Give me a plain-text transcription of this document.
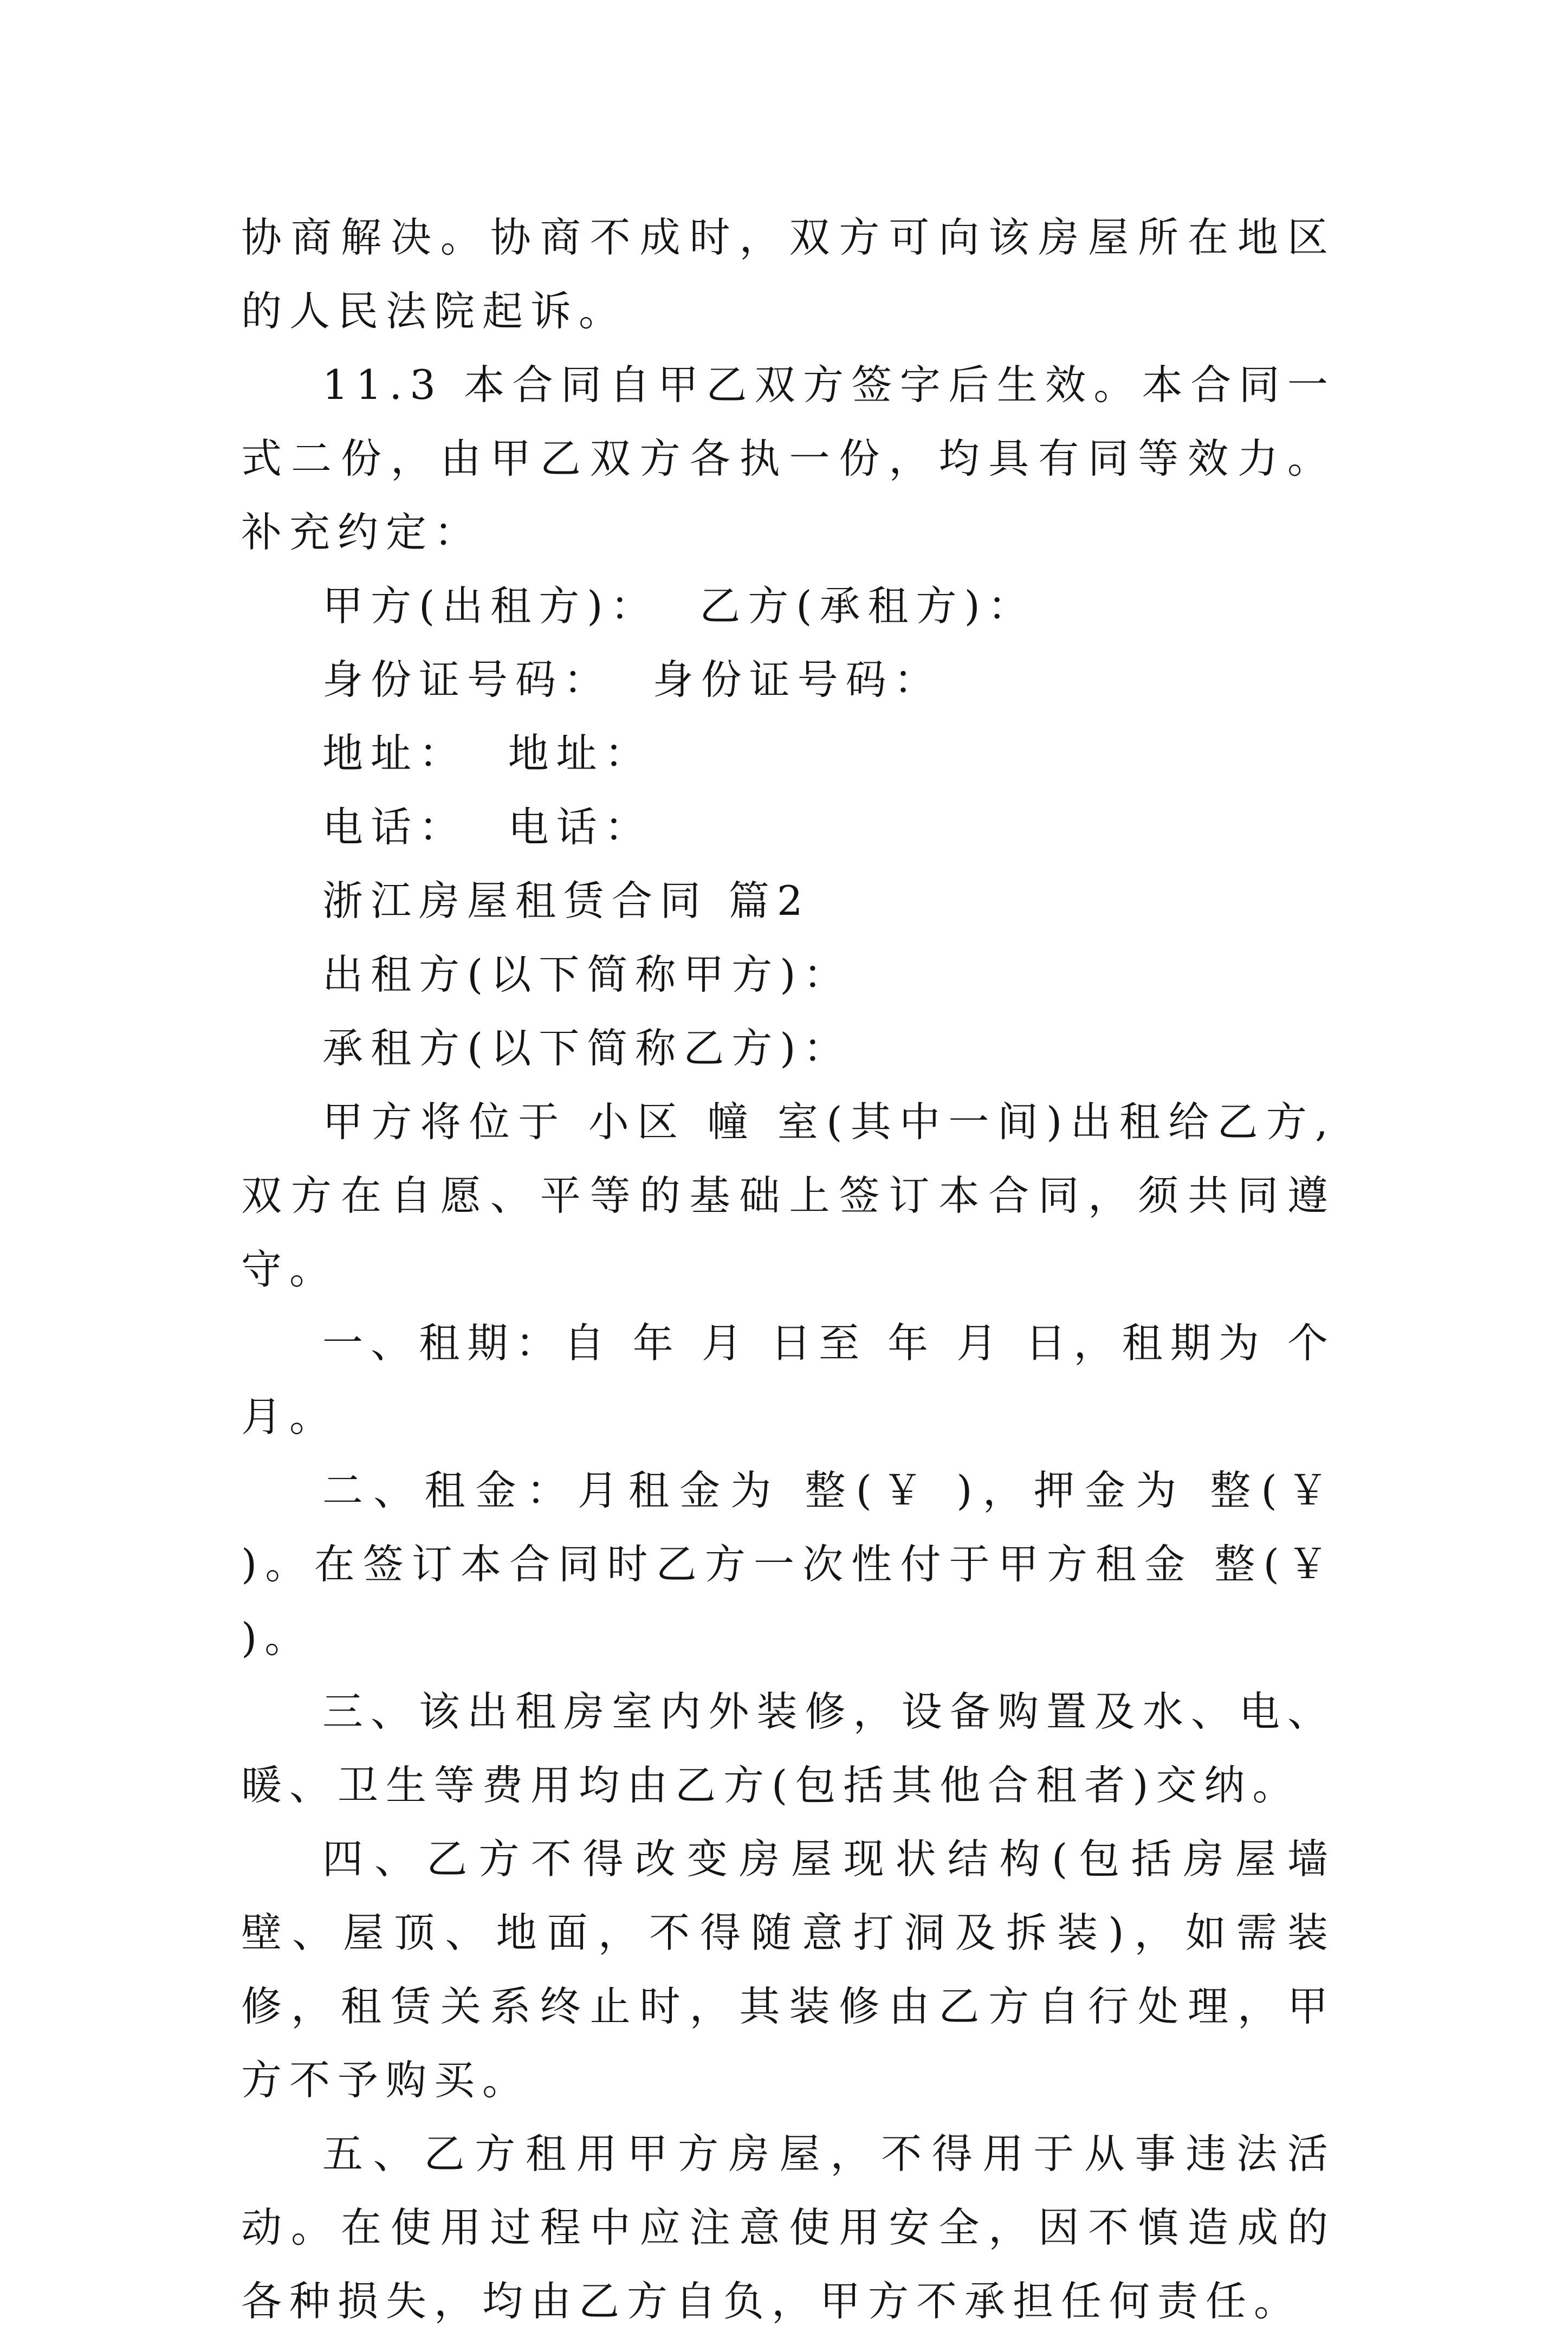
协商解决。协商不成时，双方可向该房屋所在地区的人民法院起诉。

11.3 本合同自甲乙双方签字后生效。本合同一式二份，由甲乙双方各执一份，均具有同等效力。补充约定：

甲方(出租方)：  乙方(承租方)：

身份证号码：  身份证号码：

地址：  地址：

电话：  电话：

浙江房屋租赁合同 篇2

出租方(以下简称甲方)：

承租方(以下简称乙方)：

甲方将位于 小区 幢 室(其中一间)出租给乙方,双方在自愿、平等的基础上签订本合同，须共同遵守。

一、租期：自 年 月 日至 年 月 日，租期为 个月。

二、租金：月租金为 整(￥ )，押金为 整(￥ )。在签订本合同时乙方一次性付于甲方租金 整(￥ )。

三、该出租房室内外装修，设备购置及水、电、暖、卫生等费用均由乙方(包括其他合租者)交纳。

四、乙方不得改变房屋现状结构(包括房屋墙壁、屋顶、地面，不得随意打洞及拆装)，如需装修，租赁关系终止时，其装修由乙方自行处理，甲方不予购买。

五、乙方租用甲方房屋，不得用于从事违法活动。在使用过程中应注意使用安全，因不慎造成的各种损失，均由乙方自负，甲方不承担任何责任。
